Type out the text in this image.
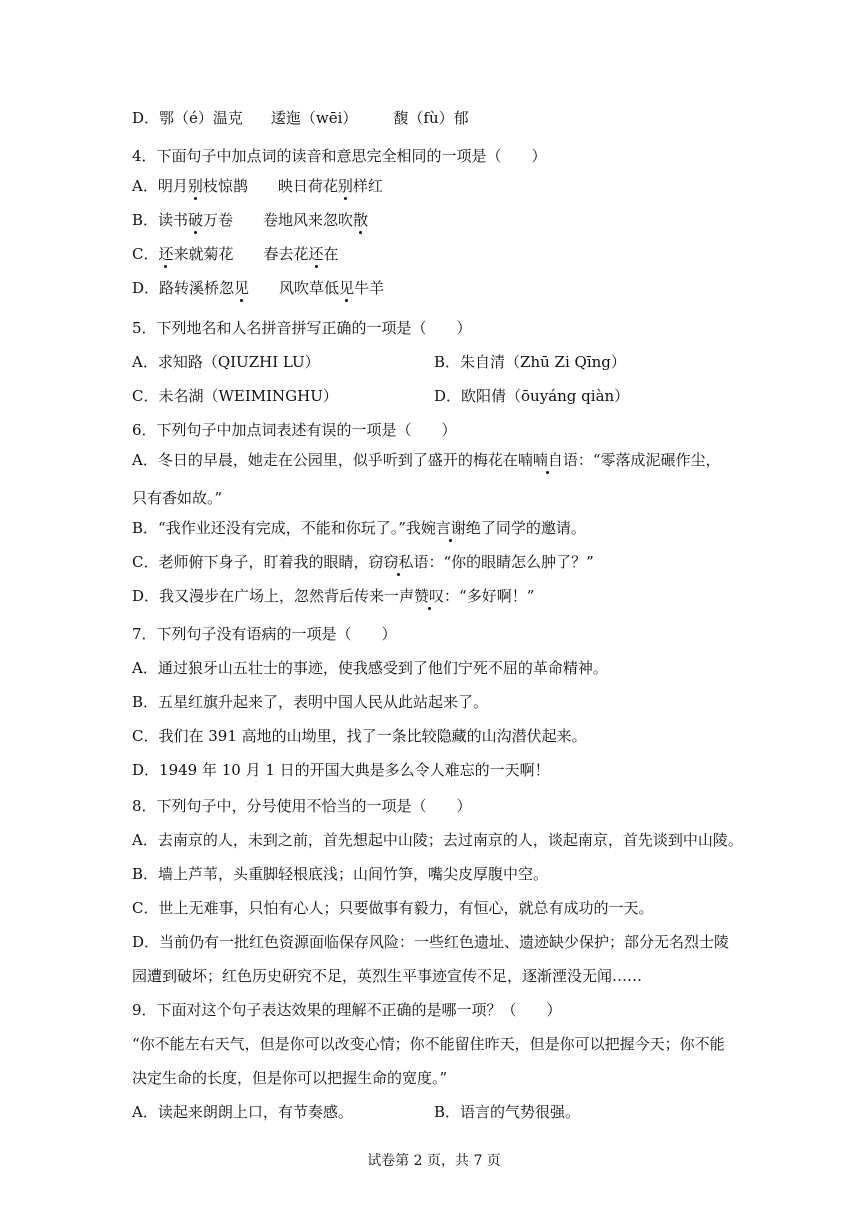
D．鄂（é）温克 逶迤（wēi） 馥（fù）郁
4．下面句子中加点词的读音和意思完全相同的一项是（　　）
A．明月别枝惊鹊　　映日荷花别样红
B．读书破万卷　　卷地风来忽吹散
C．还来就菊花　　春去花还在
D．路转溪桥忽见　　风吹草低见牛羊
5．下列地名和人名拼音拼写正确的一项是（　　）
A．求知路（QIUZHI LU）	B．朱自清（Zhū Zi Qīng）
C．未名湖（WEIMINGHU）	D．欧阳倩（ōuyáng qiàn）
6．下列句子中加点词表述有误的一项是（　　）
A．冬日的早晨，她走在公园里，似乎听到了盛开的梅花在喃喃自语：“零落成泥碾作尘，
只有香如故。”
B．“我作业还没有完成，不能和你玩了。”我婉言谢绝了同学的邀请。
C．老师俯下身子，盯着我的眼睛，窃窃私语：“你的眼睛怎么肿了？”
D．我又漫步在广场上，忽然背后传来一声赞叹：“多好啊！”
7．下列句子没有语病的一项是（　　）
A．通过狼牙山五壮士的事迹，使我感受到了他们宁死不屈的革命精神。
B．五星红旗升起来了，表明中国人民从此站起来了。
C．我们在 391 高地的山坳里，找了一条比较隐藏的山沟潜伏起来。
D．1949 年 10 月 1 日的开国大典是多么令人难忘的一天啊！
8．下列句子中，分号使用不恰当的一项是（　　）
A．去南京的人，未到之前，首先想起中山陵；去过南京的人，谈起南京，首先谈到中山陵。
B．墙上芦苇，头重脚轻根底浅；山间竹笋，嘴尖皮厚腹中空。
C．世上无难事，只怕有心人；只要做事有毅力，有恒心，就总有成功的一天。
D．当前仍有一批红色资源面临保存风险：一些红色遗址、遗迹缺少保护；部分无名烈士陵
园遭到破坏；红色历史研究不足，英烈生平事迹宣传不足，逐渐湮没无闻……
9．下面对这个句子表达效果的理解不正确的是哪一项？（　　）
“你不能左右天气，但是你可以改变心情；你不能留住昨天，但是你可以把握今天；你不能
决定生命的长度，但是你可以把握生命的宽度。”
A．读起来朗朗上口，有节奏感。	B．语言的气势很强。
试卷第 2 页，共 7 页
